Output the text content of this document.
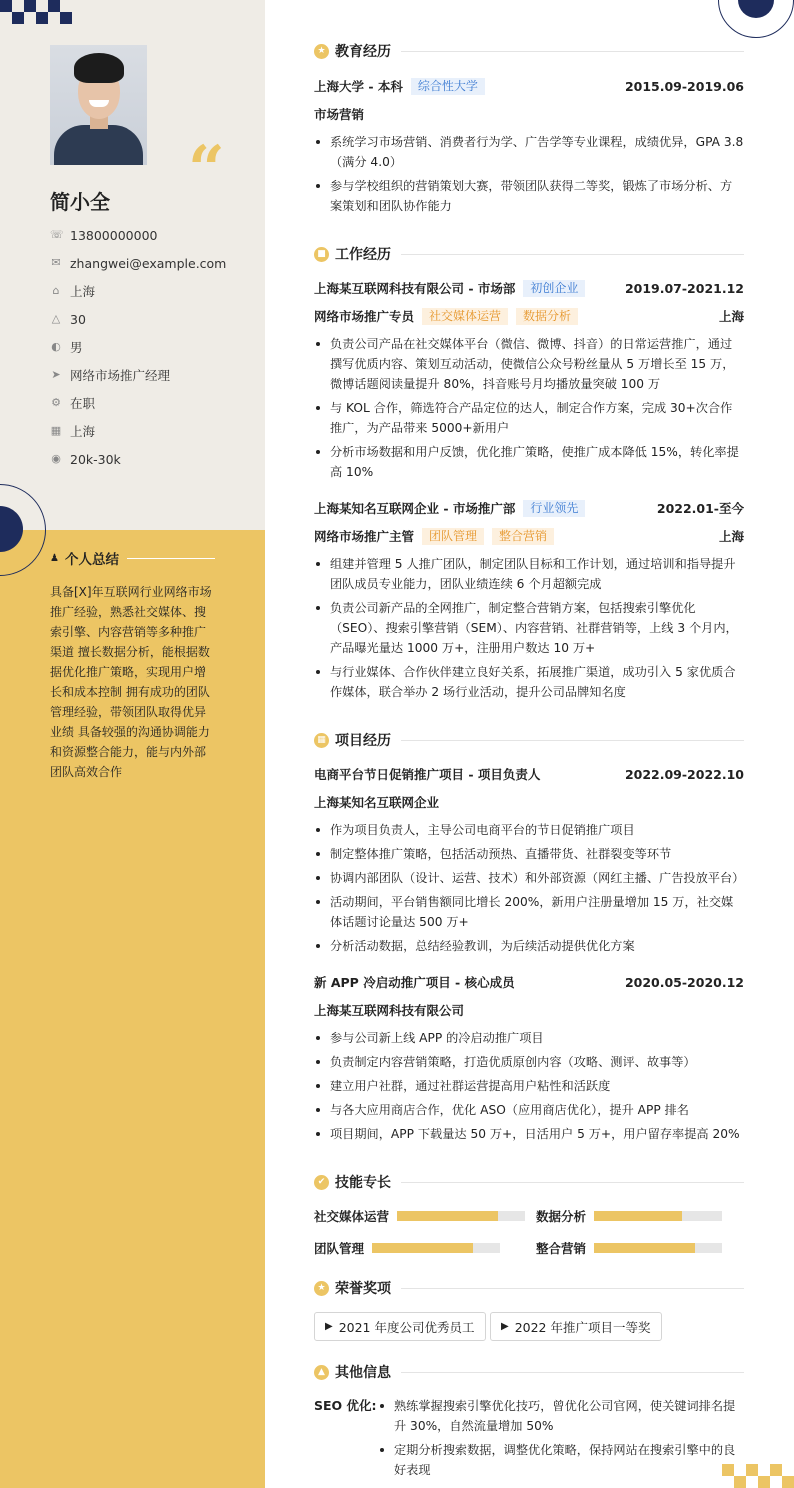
“
简小全
☏ 13800000000
✉ zhangwei@example.com
⌂ 上海
△ 30
◐ 男
➤ 网络市场推广经理
⚙ 在职
▦ 上海
◉ 20k-30k
♟ 个人总结
具备[X]年互联网行业网络市场推广经验，熟悉社交媒体、搜索引擎、内容营销等多种推广渠道 擅长数据分析，能根据数据优化推广策略，实现用户增长和成本控制 拥有成功的团队管理经验，带领团队取得优异业绩 具备较强的沟通协调能力和资源整合能力，能与内外部团队高效合作
★ 教育经历
上海大学 - 本科	综合性大学	2015.09-2019.06
市场营销
系统学习市场营销、消费者行为学、广告学等专业课程，成绩优异，GPA 3.8（满分 4.0）
参与学校组织的营销策划大赛，带领团队获得二等奖，锻炼了市场分析、方案策划和团队协作能力
■ 工作经历
上海某互联网科技有限公司 - 市场部	初创企业	2019.07-2021.12
网络市场推广专员	社交媒体运营	数据分析	上海
负责公司产品在社交媒体平台（微信、微博、抖音）的日常运营推广，通过撰写优质内容、策划互动活动，使微信公众号粉丝量从 5 万增长至 15 万，微博话题阅读量提升 80%，抖音账号月均播放量突破 100 万
与 KOL 合作，筛选符合产品定位的达人，制定合作方案，完成 30+次合作推广，为产品带来 5000+新用户
分析市场数据和用户反馈，优化推广策略，使推广成本降低 15%，转化率提高 10%
上海某知名互联网企业 - 市场推广部	行业领先	2022.01-至今
网络市场推广主管	团队管理	整合营销	上海
组建并管理 5 人推广团队，制定团队目标和工作计划，通过培训和指导提升团队成员专业能力，团队业绩连续 6 个月超额完成
负责公司新产品的全网推广，制定整合营销方案，包括搜索引擎优化（SEO）、搜索引擎营销（SEM）、内容营销、社群营销等，上线 3 个月内，产品曝光量达 1000 万+，注册用户数达 10 万+
与行业媒体、合作伙伴建立良好关系，拓展推广渠道，成功引入 5 家优质合作媒体，联合举办 2 场行业活动，提升公司品牌知名度
▦ 项目经历
电商平台节日促销推广项目 - 项目负责人	2022.09-2022.10
上海某知名互联网企业
作为项目负责人，主导公司电商平台的节日促销推广项目
制定整体推广策略，包括活动预热、直播带货、社群裂变等环节
协调内部团队（设计、运营、技术）和外部资源（网红主播、广告投放平台）
活动期间，平台销售额同比增长 200%，新用户注册量增加 15 万，社交媒体话题讨论量达 500 万+
分析活动数据，总结经验教训，为后续活动提供优化方案
新 APP 冷启动推广项目 - 核心成员	2020.05-2020.12
上海某互联网科技有限公司
参与公司新上线 APP 的冷启动推广项目
负责制定内容营销策略，打造优质原创内容（攻略、测评、故事等）
建立用户社群，通过社群运营提高用户粘性和活跃度
与各大应用商店合作，优化 ASO（应用商店优化），提升 APP 排名
项目期间，APP 下载量达 50 万+，日活用户 5 万+，用户留存率提高 20%
✔ 技能专长
社交媒体运营	数据分析
团队管理	整合营销
★ 荣誉奖项
▶ 2021 年度公司优秀员工	▶ 2022 年推广项目一等奖
▲ 其他信息
SEO 优化:	熟练掌握搜索引擎优化技巧，曾优化公司官网，使关键词排名提升 30%，自然流量增加 50%
定期分析搜索数据，调整优化策略，保持网站在搜索引擎中的良好表现
